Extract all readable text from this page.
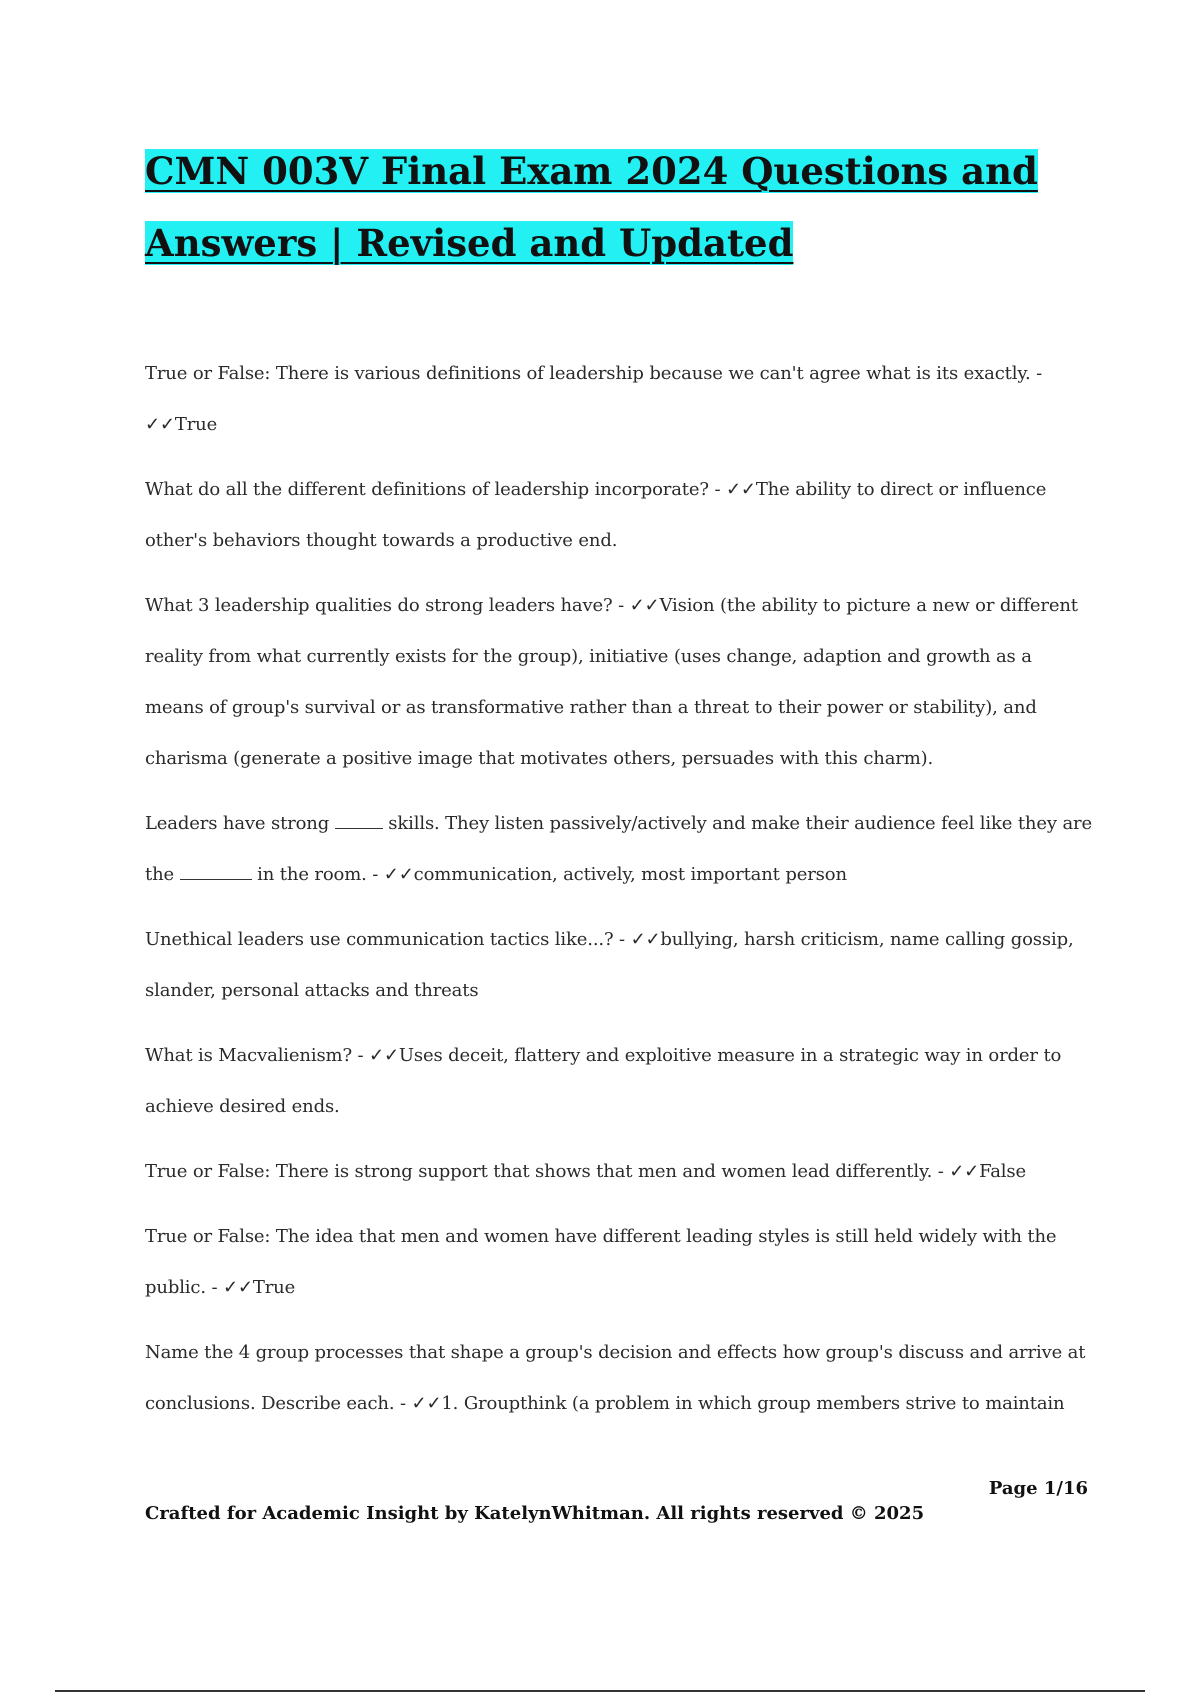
CMN 003V Final Exam 2024 Questions and Answers | Revised and Updated

True or False: There is various definitions of leadership because we can't agree what is its exactly. - ✓✓True

What do all the different definitions of leadership incorporate? - ✓✓The ability to direct or influence other's behaviors thought towards a productive end.

What 3 leadership qualities do strong leaders have? - ✓✓Vision (the ability to picture a new or different reality from what currently exists for the group), initiative (uses change, adaption and growth as a means of group's survival or as transformative rather than a threat to their power or stability), and charisma (generate a positive image that motivates others, persuades with this charm).

Leaders have strong	skills. They listen passively/actively and make their audience feel like they are the	in the room. - ✓✓communication, actively, most important person

Unethical leaders use communication tactics like...? - ✓✓bullying, harsh criticism, name calling gossip, slander, personal attacks and threats

What is Macvalienism? - ✓✓Uses deceit, flattery and exploitive measure in a strategic way in order to achieve desired ends.

True or False: There is strong support that shows that men and women lead differently. - ✓✓False

True or False: The idea that men and women have different leading styles is still held widely with the public. - ✓✓True

Name the 4 group processes that shape a group's decision and effects how group's discuss and arrive at conclusions. Describe each. - ✓✓1. Groupthink (a problem in which group members strive to maintain

Page 1/16
Crafted for Academic Insight by KatelynWhitman. All rights reserved © 2025
